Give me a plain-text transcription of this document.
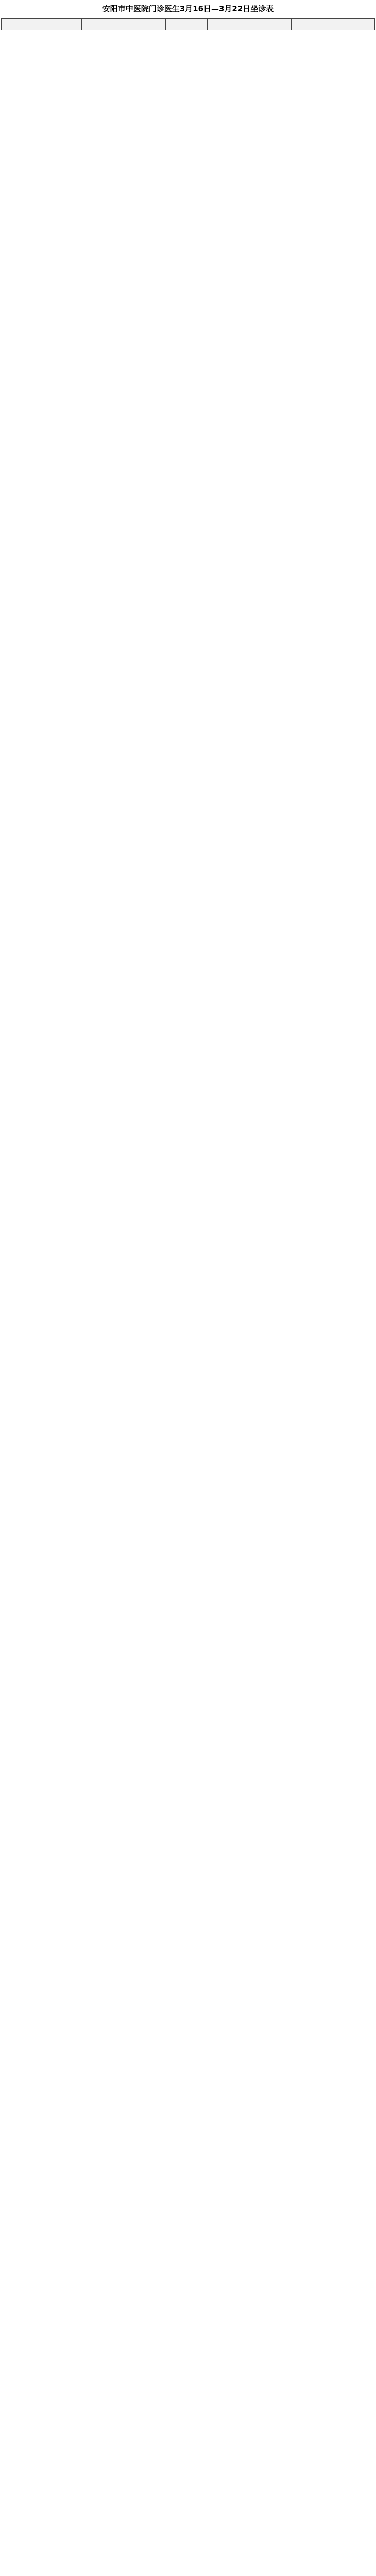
安阳市中医院门诊医生3月16日—3月22日坐诊表
